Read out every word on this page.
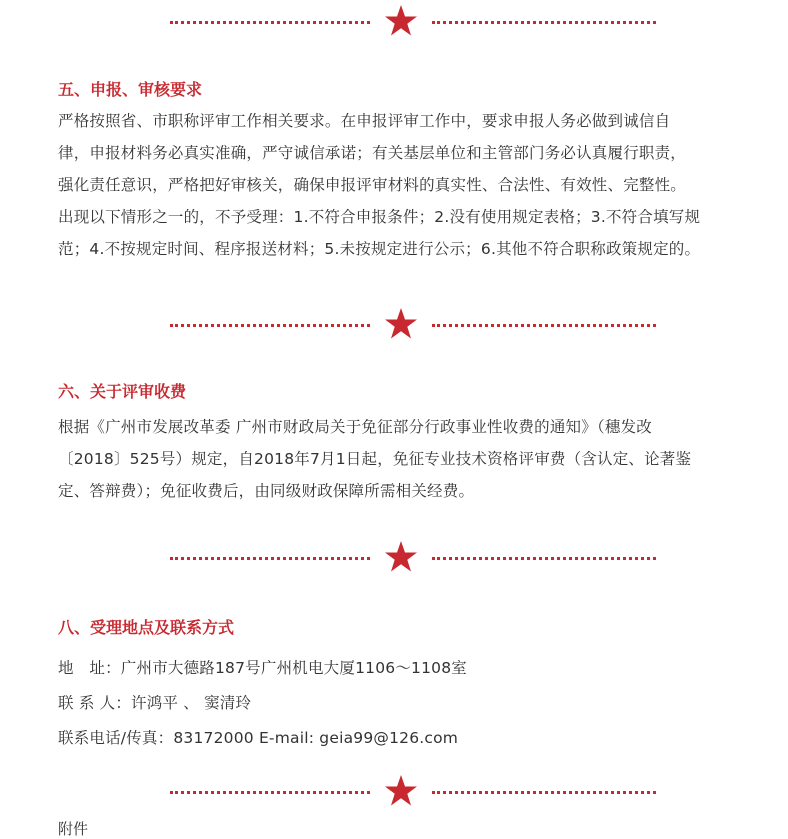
五、申报、审核要求

严格按照省、市职称评审工作相关要求。在申报评审工作中，要求申报人务必做到诚信自
律，申报材料务必真实准确，严守诚信承诺；有关基层单位和主管部门务必认真履行职责，
强化责任意识，严格把好审核关，确保申报评审材料的真实性、合法性、有效性、完整性。
出现以下情形之一的，不予受理：1.不符合申报条件；2.没有使用规定表格；3.不符合填写规
范；4.不按规定时间、程序报送材料；5.未按规定进行公示；6.其他不符合职称政策规定的。

六、关于评审收费

根据《广州市发展改革委 广州市财政局关于免征部分行政事业性收费的通知》（穗发改
〔2018〕525号）规定，自2018年7月1日起，免征专业技术资格评审费（含认定、论著鉴
定、答辩费）；免征收费后，由同级财政保障所需相关经费。

八、受理地点及联系方式

地　址：广州市大德路187号广州机电大厦1106～1108室
联 系 人：许鸿平 、 窦清玲
联系电话/传真：83172000 E-mail: geia99@126.com

附件
